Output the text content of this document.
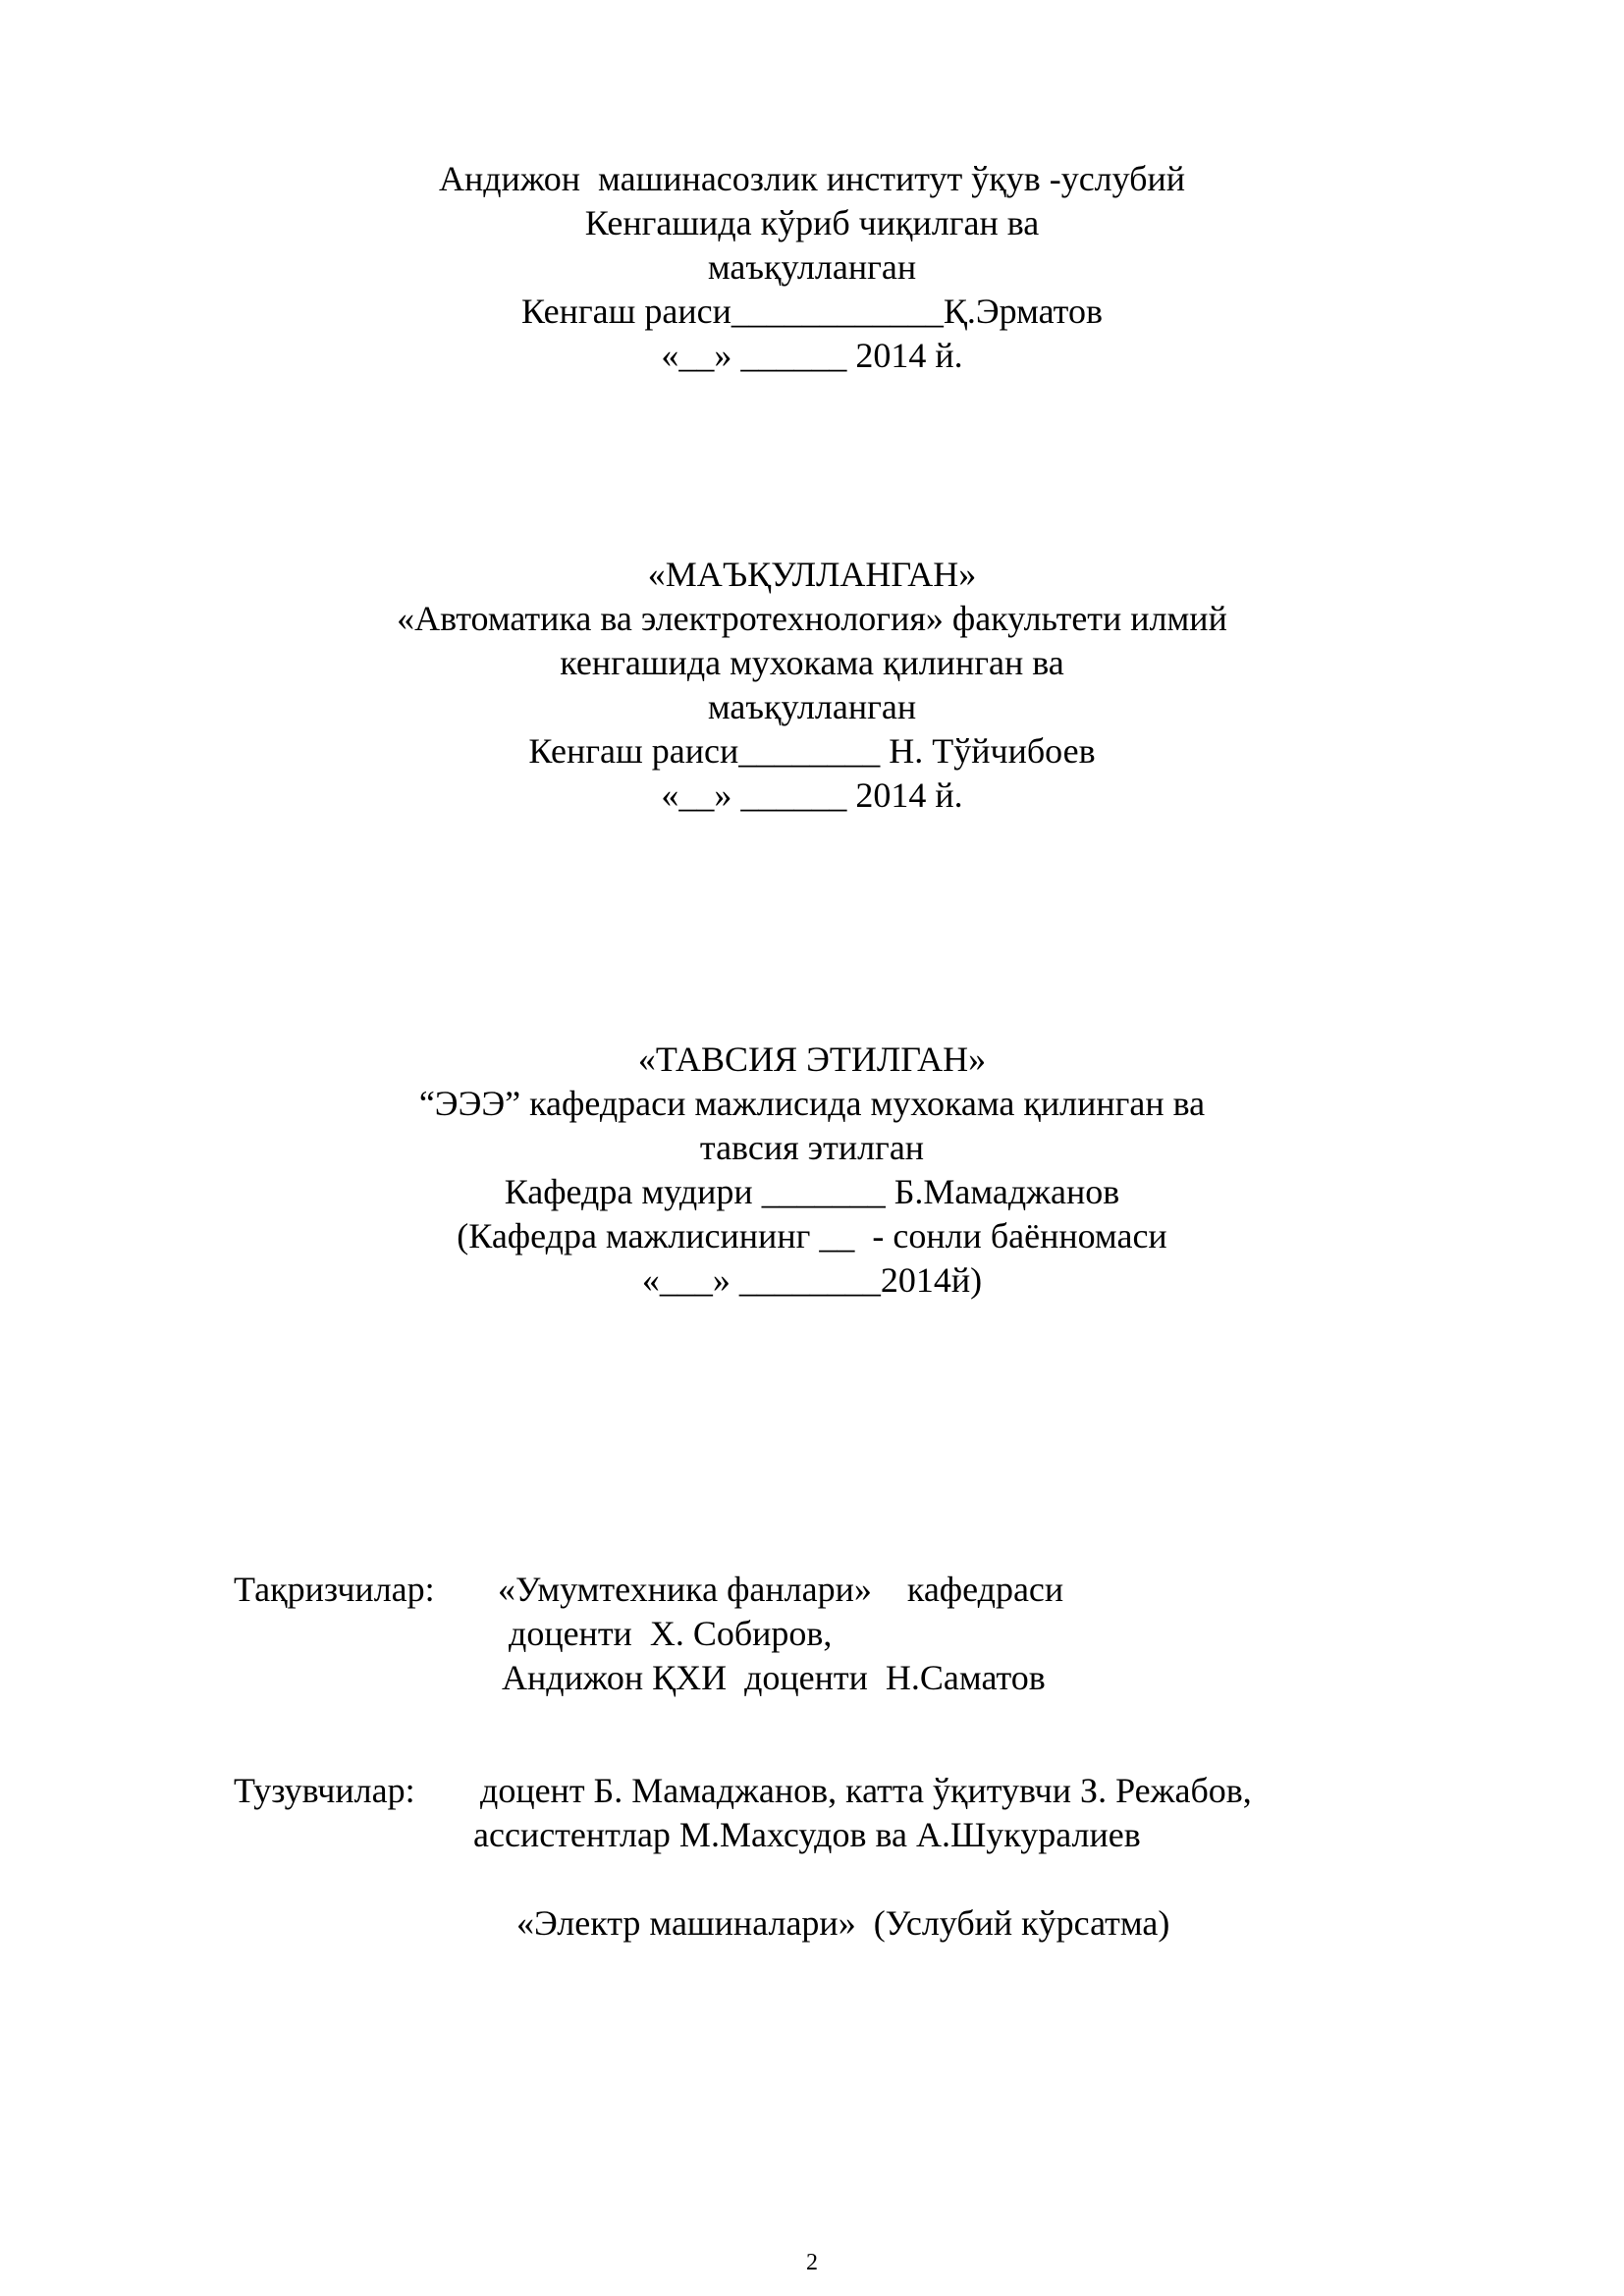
Андижон  машинасозлик институт ўқув -услубий
Кенгашида кўриб чиқилган ва
маъқулланган
Кенгаш раиси____________Қ.Эрматов
«__» ______ 2014 й.
«МАЪҚУЛЛАНГАН»
«Автоматика ва электротехнология» факультети илмий
кенгашида мухокама қилинган ва
маъқулланган
Кенгаш раиси________ Н. Тўйчибоев
«__» ______ 2014 й.
«ТАВСИЯ ЭТИЛГАН»
“ЭЭЭ” кафедраси мажлисида мухокама қилинган ва
тавсия этилган
Кафедра мудири _______ Б.Мамаджанов
(Кафедра мажлисининг __  - сонли баённомаси
«___» ________2014й)
Тақризчилар: «Умумтехника фанлари»    кафедраси
доценти  Х. Собиров,
Андижон ҚХИ  доценти  Н.Саматов
Тузувчилар: доцент Б. Мамаджанов, катта ўқитувчи З. Режабов,
ассистентлар М.Махсудов ва А.Шукуралиев
«Электр машиналари»  (Услубий кўрсатма)
2
